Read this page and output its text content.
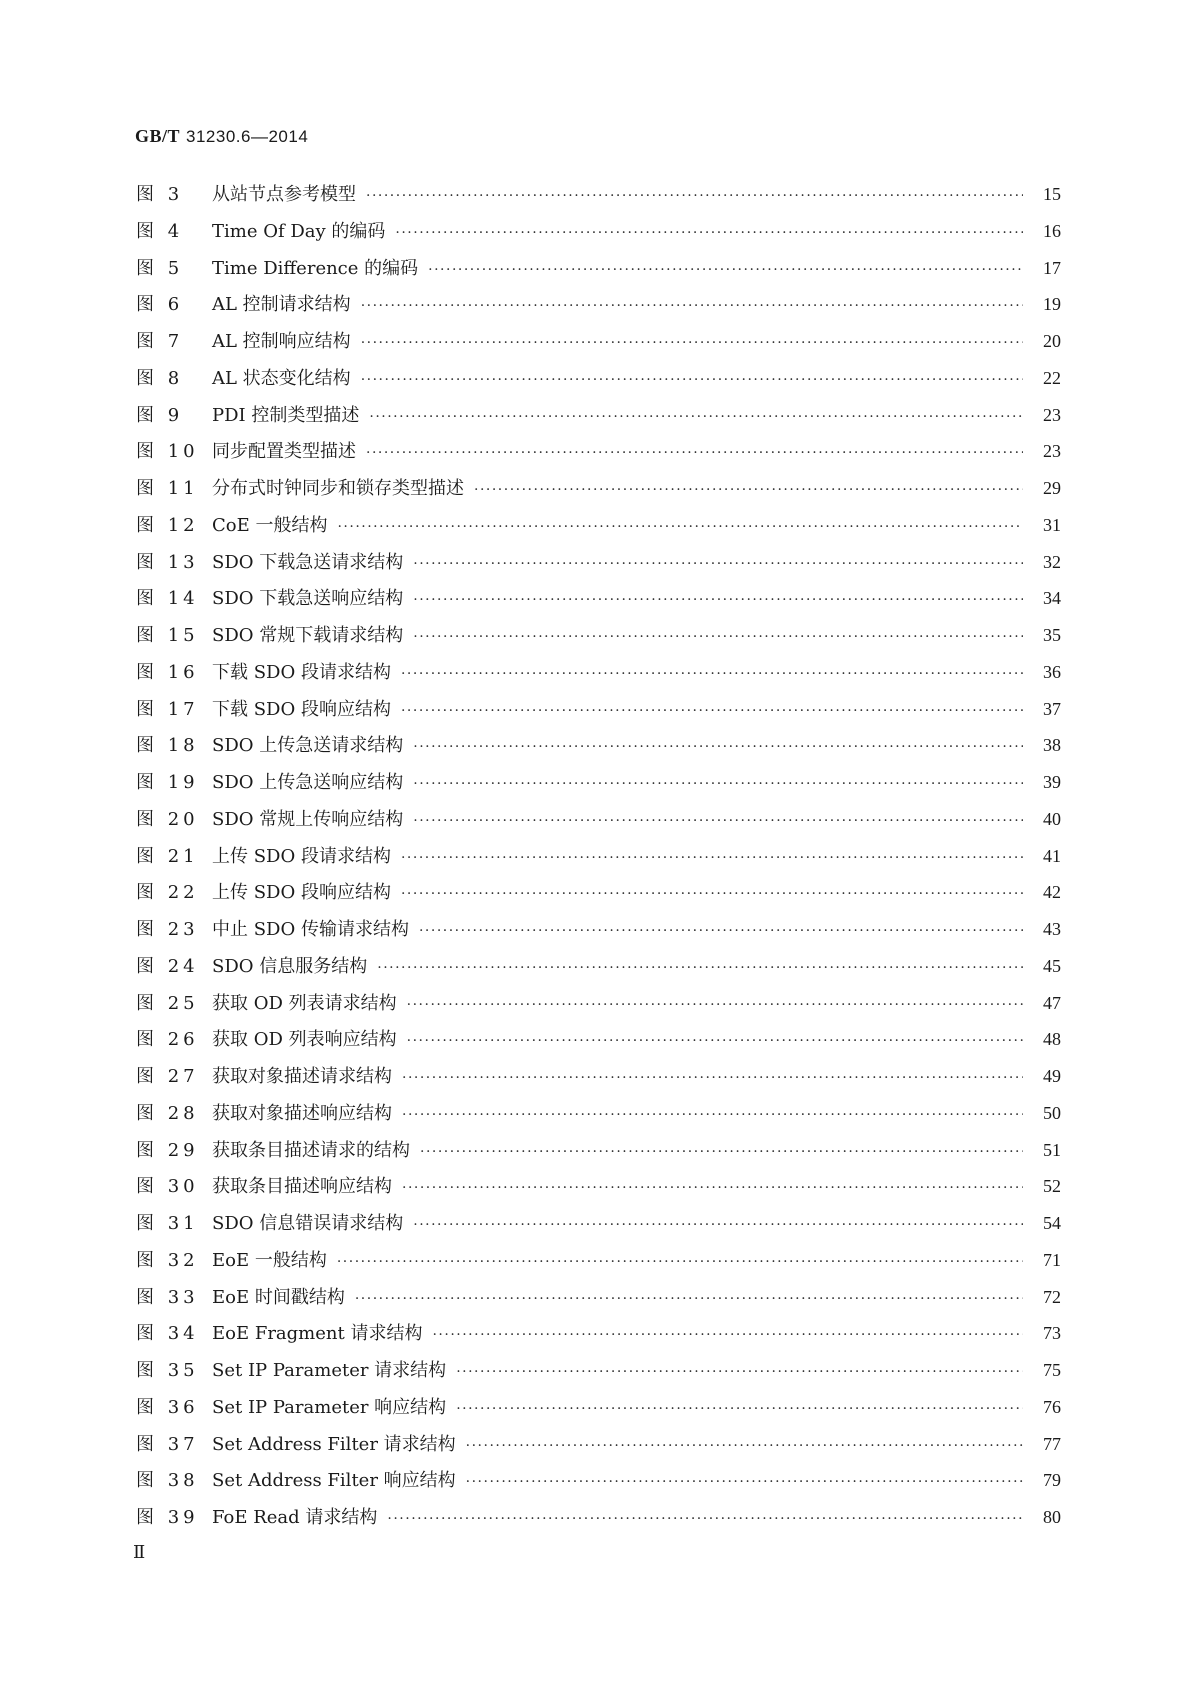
GB/T 31230.6—2014
图 3	从站节点参考模型 ·····	15
图 4	Time Of Day 的编码 ·····	16
图 5	Time Difference 的编码 ·····	17
图 6	AL 控制请求结构 ·····	19
图 7	AL 控制响应结构 ·····	20
图 8	AL 状态变化结构 ·····	22
图 9	PDI 控制类型描述 ·····	23
图 10 同步配置类型描述 ·····	23
图 11 分布式时钟同步和锁存类型描述 ·····	29
图 12 CoE 一般结构 ·····	31
图 13 SDO 下载急送请求结构 ·····	32
图 14 SDO 下载急送响应结构 ·····	34
图 15 SDO 常规下载请求结构 ·····	35
图 16 下载 SDO 段请求结构 ·····	36
图 17 下载 SDO 段响应结构 ·····	37
图 18 SDO 上传急送请求结构 ·····	38
图 19 SDO 上传急送响应结构 ·····	39
图 20 SDO 常规上传响应结构 ·····	40
图 21 上传 SDO 段请求结构 ·····	41
图 22 上传 SDO 段响应结构 ·····	42
图 23 中止 SDO 传输请求结构 ·····	43
图 24 SDO 信息服务结构 ·····	45
图 25 获取 OD 列表请求结构 ·····	47
图 26 获取 OD 列表响应结构 ·····	48
图 27 获取对象描述请求结构 ·····	49
图 28 获取对象描述响应结构 ·····	50
图 29 获取条目描述请求的结构 ·····	51
图 30 获取条目描述响应结构 ·····	52
图 31 SDO 信息错误请求结构 ·····	54
图 32 EoE 一般结构 ·····	71
图 33 EoE 时间戳结构 ·····	72
图 34 EoE Fragment 请求结构 ·····	73
图 35 Set IP Parameter 请求结构 ·····	75
图 36 Set IP Parameter 响应结构 ·····	76
图 37 Set Address Filter 请求结构 ·····	77
图 38 Set Address Filter 响应结构 ·····	79
图 39 FoE Read 请求结构 ·····	80
Ⅱ
